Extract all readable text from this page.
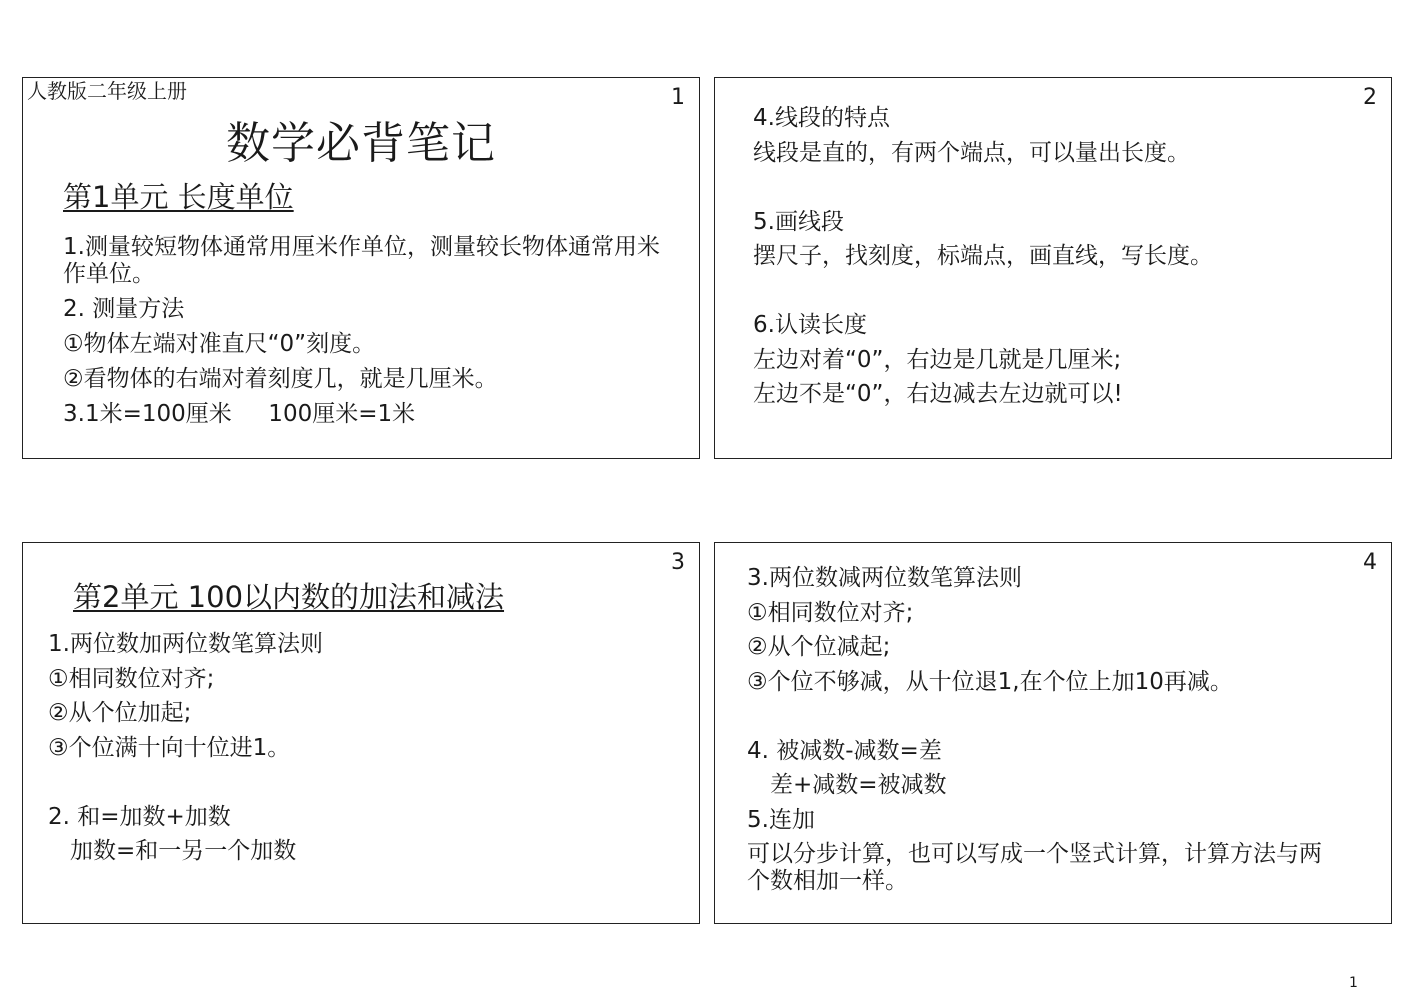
1
人教版二年级上册
数学必背笔记
第1单元 长度单位
1.测量较短物体通常用厘米作单位，测量较长物体通常用米作单位。
2. 测量方法
①物体左端对准直尺“0”刻度。
②看物体的右端对着刻度几，就是几厘米。
3.1米=100厘米     100厘米=1米
2
4.线段的特点
线段是直的，有两个端点，可以量出长度。
5.画线段
摆尺子，找刻度，标端点，画直线，写长度。
6.认读长度
左边对着“0”，右边是几就是几厘米;
左边不是“0”，右边减去左边就可以!
3
第2单元 100以内数的加法和减法
1.两位数加两位数笔算法则
①相同数位对齐;
②从个位加起;
③个位满十向十位进1。
2. 和=加数+加数
加数=和一另一个加数
4
3.两位数减两位数笔算法则
①相同数位对齐;
②从个位减起;
③个位不够减，从十位退1,在个位上加10再减。
4. 被减数-减数=差
差+减数=被减数
5.连加
可以分步计算，也可以写成一个竖式计算，计算方法与两 个数相加一样。
1
